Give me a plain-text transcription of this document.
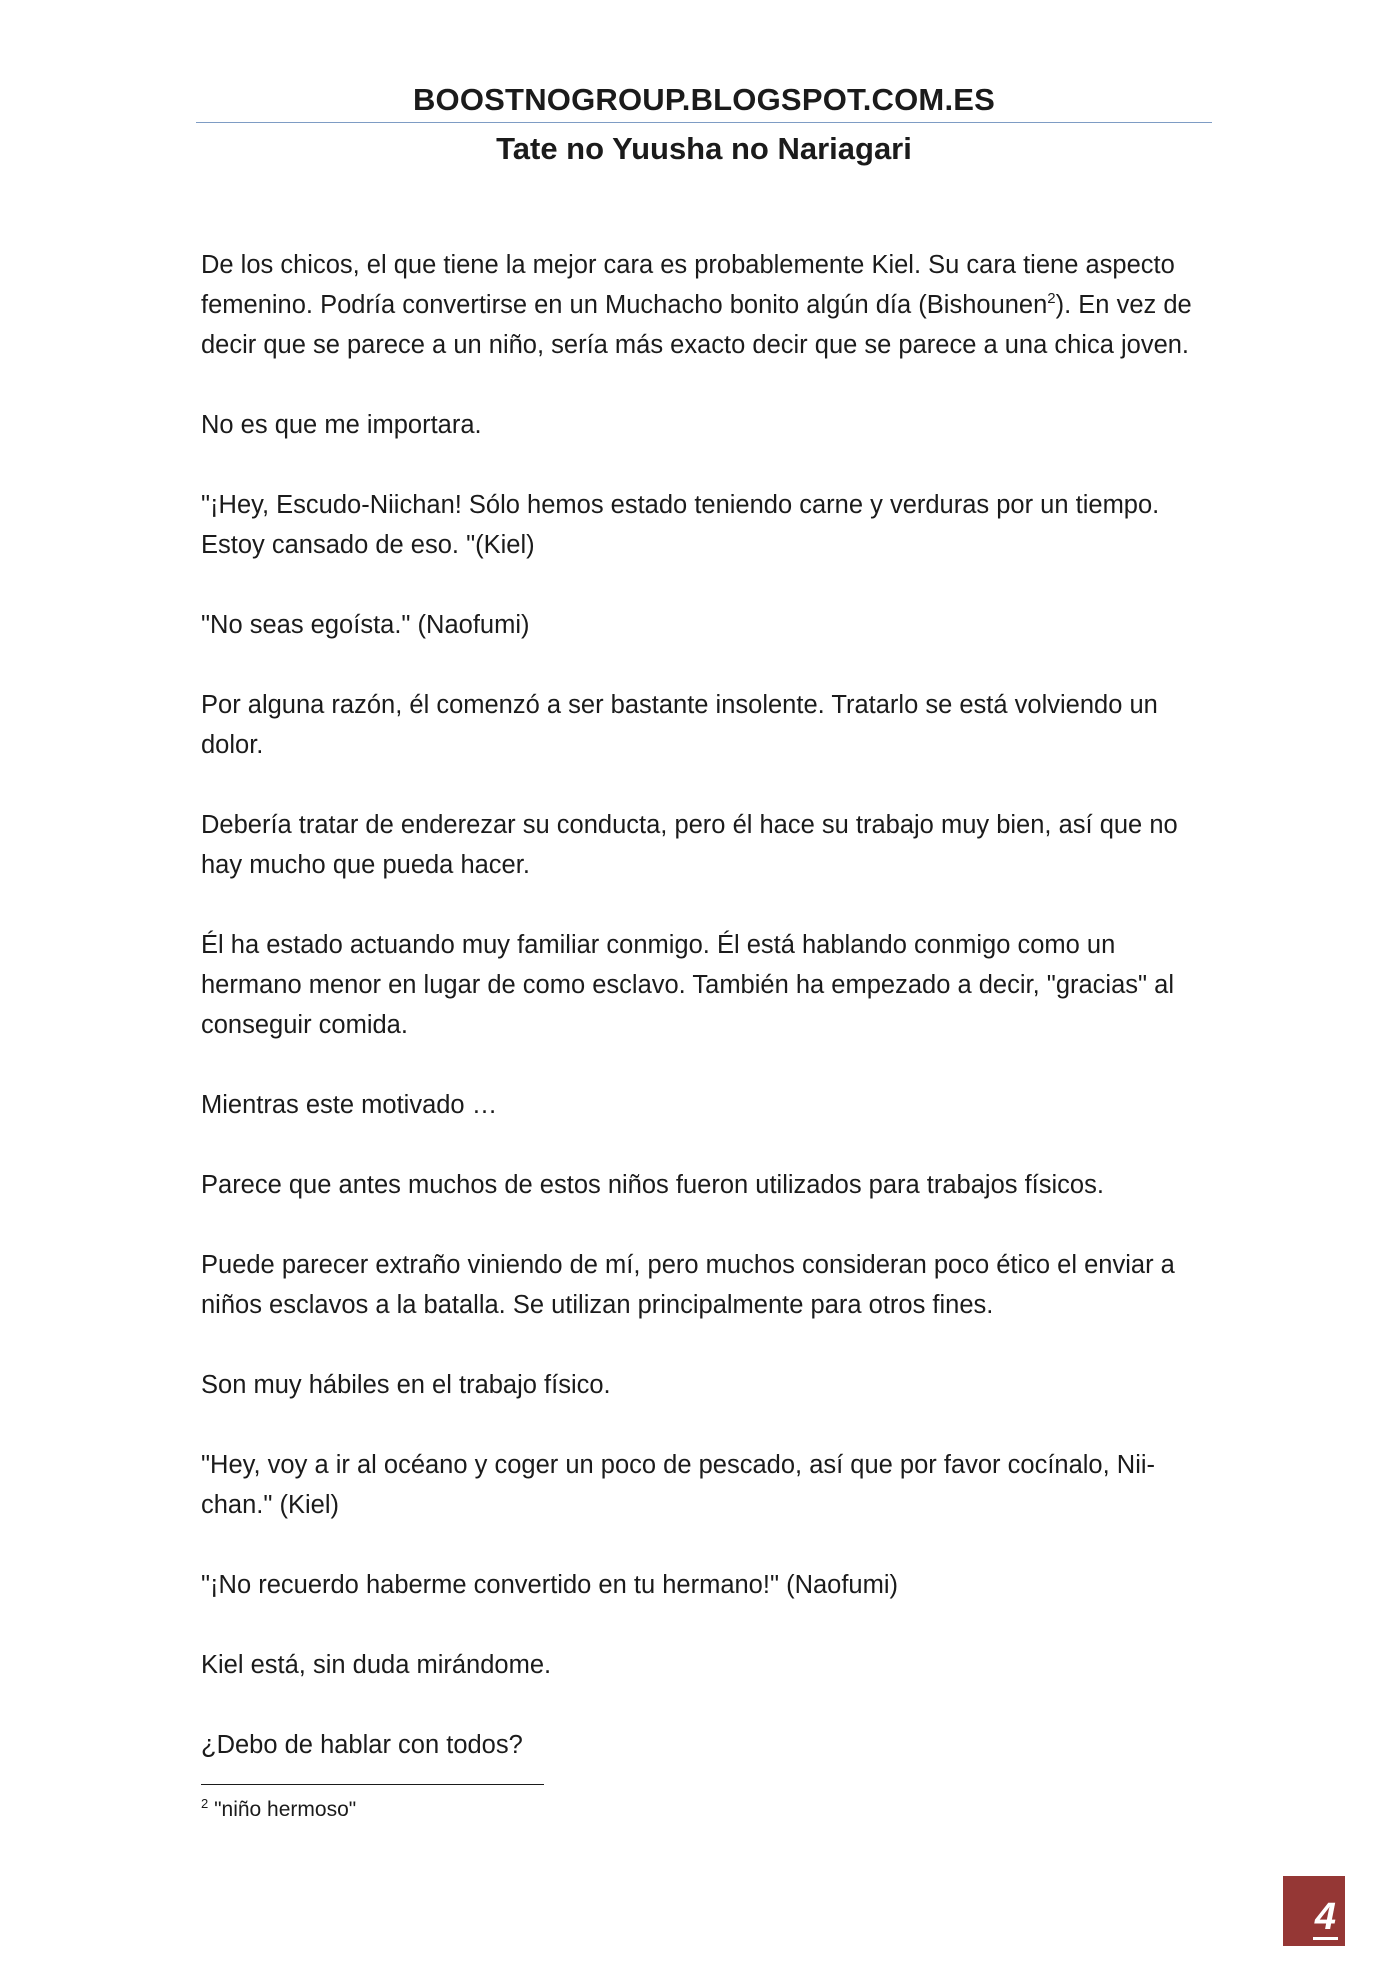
BOOSTNOGROUP.BLOGSPOT.COM.ES
Tate no Yuusha no Nariagari

De los chicos, el que tiene la mejor cara es probablemente Kiel. Su cara tiene aspecto femenino. Podría convertirse en un Muchacho bonito algún día (Bishounen$^2$). En vez de decir que se parece a un niño, sería más exacto decir que se parece a una chica joven.

No es que me importara.

"¡Hey, Escudo-Niichan! Sólo hemos estado teniendo carne y verduras por un tiempo. Estoy cansado de eso. "(Kiel)

"No seas egoísta." (Naofumi)

Por alguna razón, él comenzó a ser bastante insolente. Tratarlo se está volviendo un dolor.

Debería tratar de enderezar su conducta, pero él hace su trabajo muy bien, así que no hay mucho que pueda hacer.

Él ha estado actuando muy familiar conmigo. Él está hablando conmigo como un hermano menor en lugar de como esclavo. También ha empezado a decir, "gracias" al conseguir comida.

Mientras este motivado …

Parece que antes muchos de estos niños fueron utilizados para trabajos físicos.

Puede parecer extraño viniendo de mí, pero muchos consideran poco ético el enviar a niños esclavos a la batalla. Se utilizan principalmente para otros fines.

Son muy hábiles en el trabajo físico.

"Hey, voy a ir al océano y coger un poco de pescado, así que por favor cocínalo, Nii-chan." (Kiel)

"¡No recuerdo haberme convertido en tu hermano!" (Naofumi)

Kiel está, sin duda mirándome.

¿Debo de hablar con todos?

$^2$ "niño hermoso"
4
